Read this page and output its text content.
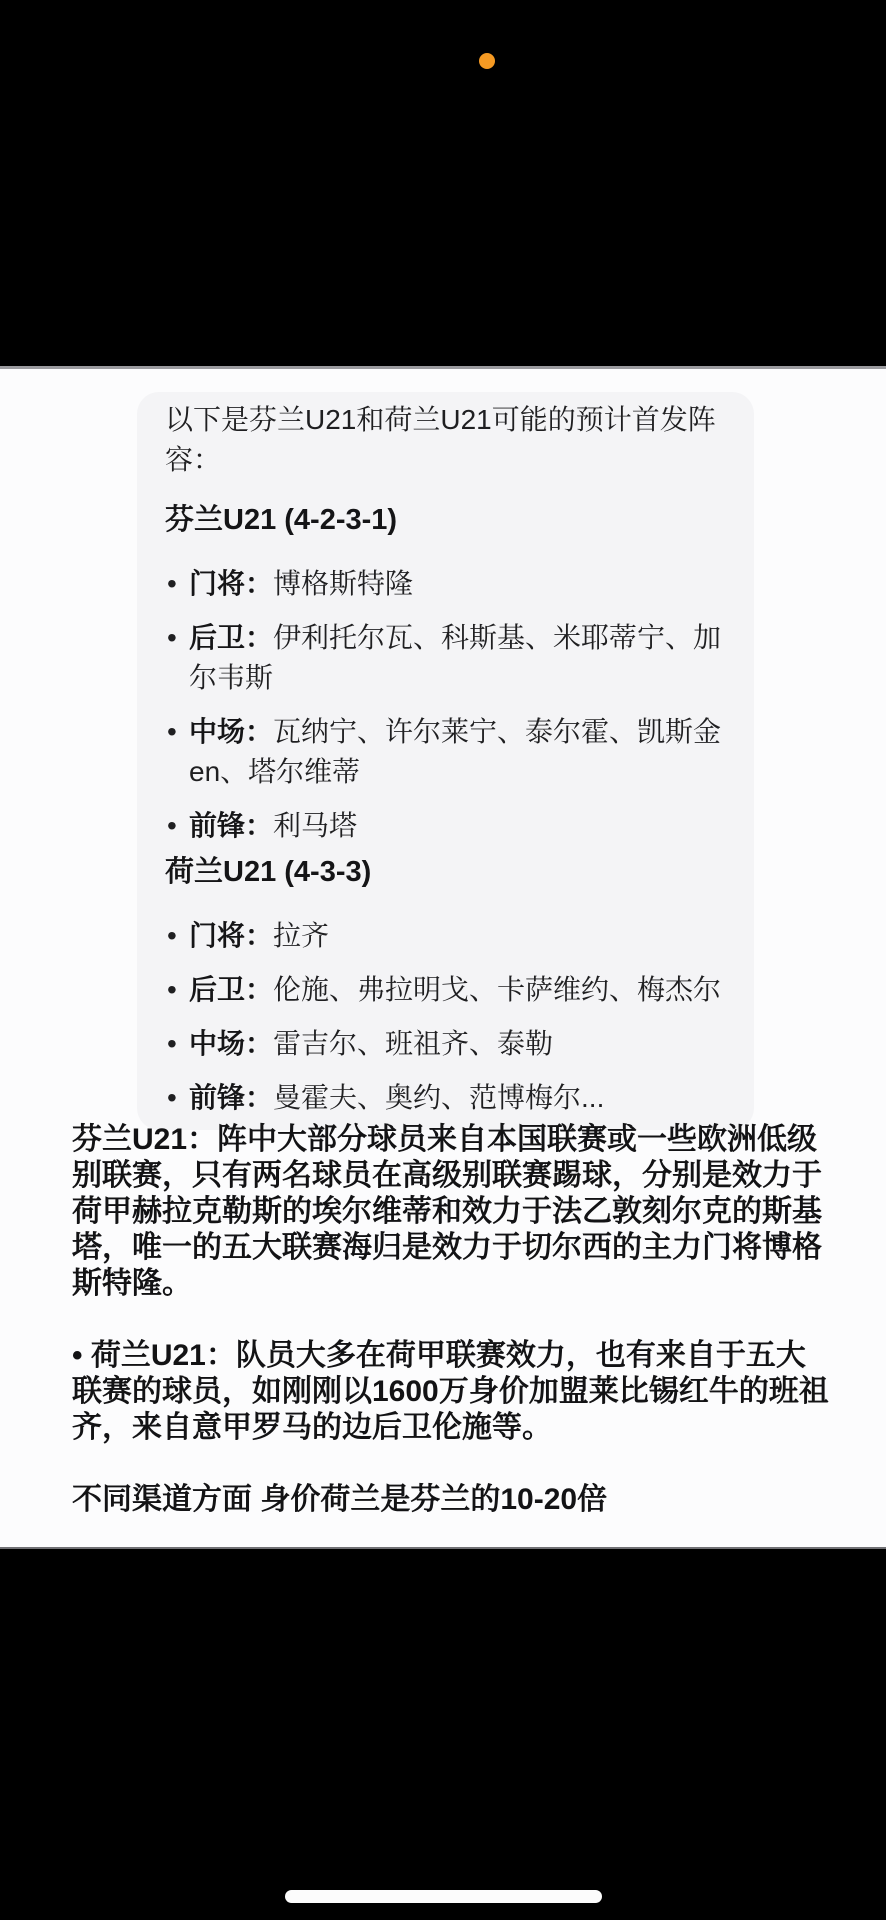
以下是芬兰U21和荷兰U21可能的预计首发阵容：

芬兰U21 (4-2-3-1)
• 门将：博格斯特隆
• 后卫：伊利托尔瓦、科斯基、米耶蒂宁、加尔韦斯
• 中场：瓦纳宁、许尔莱宁、泰尔霍、凯斯金en、塔尔维蒂
• 前锋：利马塔
荷兰U21 (4-3-3)
• 门将：拉齐
• 后卫：伦施、弗拉明戈、卡萨维约、梅杰尔
• 中场：雷吉尔、班祖齐、泰勒
• 前锋：曼霍夫、奥约、范博梅尔...

芬兰U21：阵中大部分球员来自本国联赛或一些欧洲低级别联赛，只有两名球员在高级别联赛踢球，分别是效力于荷甲赫拉克勒斯的埃尔维蒂和效力于法乙敦刻尔克的斯基塔，唯一的五大联赛海归是效力于切尔西的主力门将博格斯特隆。

• 荷兰U21：队员大多在荷甲联赛效力，也有来自于五大联赛的球员，如刚刚以1600万身价加盟莱比锡红牛的班祖齐，来自意甲罗马的边后卫伦施等。

不同渠道方面 身价荷兰是芬兰的10-20倍
